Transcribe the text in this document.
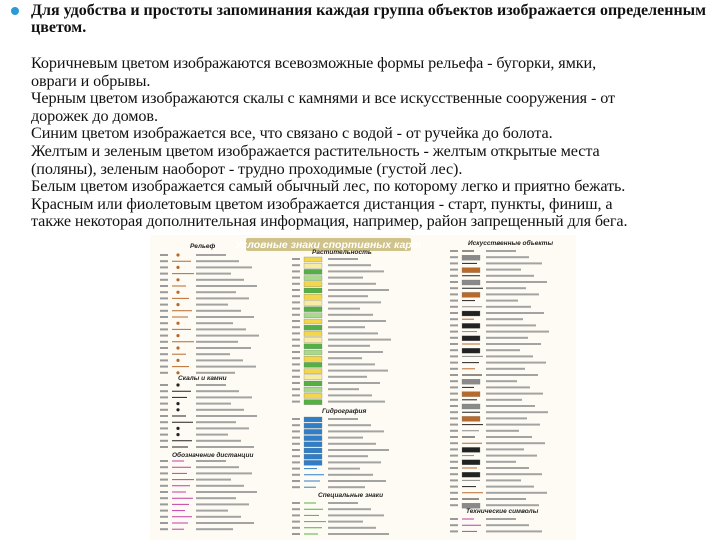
Для удобства и простоты запоминания каждая группа объектов изображается определенным цветом.
Коричневым цветом изображаются всевозможные формы рельефа - бугорки, ямки,
овраги и обрывы.
Черным цветом изображаются скалы с камнями и все искусственные сооружения - от
дорожек до домов.
Синим цветом изображается все, что связано с водой - от ручейка до болота.
Желтым и зеленым цветом изображается растительность - желтым открытые места
(поляны), зеленым наоборот - трудно проходимые (густой лес).
Белым цветом изображается самый обычный лес, по которому легко и приятно бежать.
Красным или фиолетовым цветом изображается дистанция - старт, пункты, финиш, а
также некоторая дополнительная информация, например, район запрещенный для бега.
Условные знаки спортивных карт
Рельеф
Скалы и камни
Обозначение дистанции
Растительность
Гидрография
Искусственные объекты
Специальные знаки
Технические символы
